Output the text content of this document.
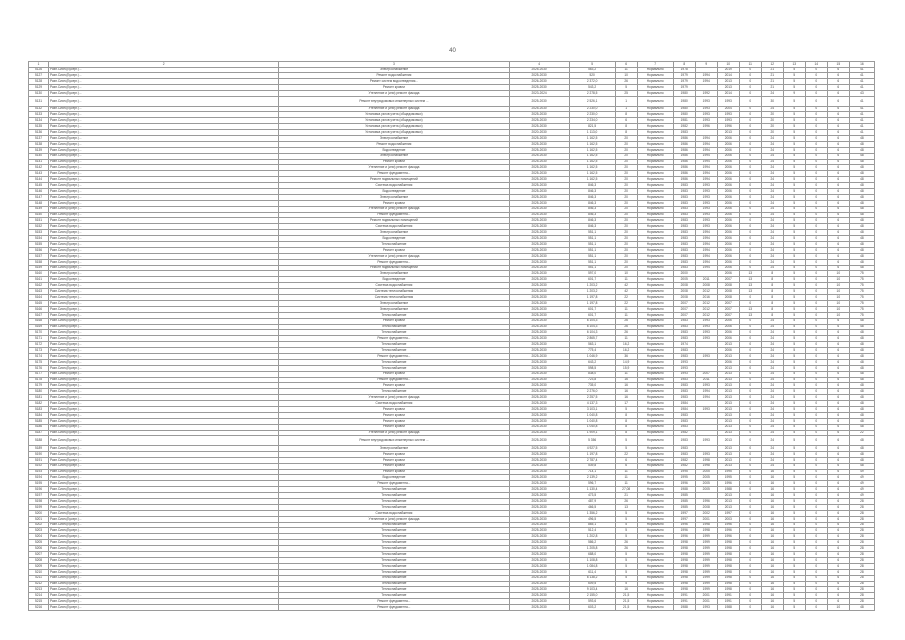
40
1	2	3	4	5	6	7	8	9	10	11	12	13	14	15	16
5126	Разн.Сиян.(Бусерг.)...	Электроснабжение	2025-2030	563,2	11	Нормально	1978		2019	0	21	5	0	6	41
5127	Разн.Сиян.(Бусерг.)...	Ремонт водоснабжения	2025-2030	520	10	Нормально	1979	1994	2014	0	21	5	0	6	41
5128	Разн.Сиян.(Бусерг.)...	Ремонт систем водоотведения...	2026-2030	2 372,0	26	Нормально	1979	1994	2013	0	21	5	0	6	41
5129	Разн.Сиян.(Бусерг.)...	Ремонт кровли	2025-2030	543,2	5	Нормально	1979		2013	0	21	5	0	6	41
5130	Разн.Сиян.(Бусерг.)...	Утепление и (или) ремонт фасада	2023-2024	2 278,5	25	Нормально	1980	1992	2014	0	24	9	0	6	43
5131	Разн.Сиян.(Бусерг.)...	Ремонт внутридомовых инженерных систем ...	2025-2030	2 526,1	1	Нормально	1980	1993	1993	0	30	5	0	6	41
5132	Разн.Сиян.(Бусерг.)...	Утепление и (или) ремонт фасада	2025-2030	2 230,0	1	Нормально	1980	1993	2004	0	24	5	0	6	41
5133	Разн.Сиян.(Бусерг.)...	Установка узлов учета (общедомовых)	2025-2030	2 230,0	8	Нормально	1980	1993	1993	0	20	5	0	6	41
5134	Разн.Сиян.(Бусерг.)...	Установка узлов учета (общедомовых)	2025-2030	2 234,0	6	Нормально	1981	1993	1993	0	20	5	0	6	41
5135	Разн.Сиян.(Бусерг.)...	Установка узлов учета (общедомовых)	2025-2030	821,5	8	Нормально	1982	1996	1996	0	20	5	0	6	41
5136	Разн.Сиян.(Бусерг.)...	Установка узлов учета (общедомовых)	2020-2030	1 113,0	8	Нормально	1983		2013	0	20	5	0	6	41
5137	Разн.Сиян.(Бусерг.)...	Электроснабжение	2025-2030	1 162,5	20	Нормально	1986	1994	2006	0	24	5	0	6	48
5138	Разн.Сиян.(Бусерг.)...	Ремонт водоснабжения	2025-2030	1 162,5	20	Нормально	1986	1994	2006	0	24	5	0	6	48
5139	Разн.Сиян.(Бусерг.)...	Водоотведение	2025-2030	1 162,5	20	Нормально	1986	1994	2006	0	24	5	0	6	48
5140	Разн.Сиян.(Бусерг.)...	Электроснабжение	2025-2030	1 162,5	20	Нормально	1986	1994	2006	0	24	5	0	6	48
5141	Разн.Сиян.(Бусерг.)...	Ремонт кровли	2025-2030	1 162,5	20	Нормально	1986	1994	2006	0	24	5	0	6	48
5142	Разн.Сиян.(Бусерг.)...	Утепление и (или) ремонт фасада	2025-2030	1 162,5	20	Нормально	1986	1994	2006	0	24	5	0	6	48
5143	Разн.Сиян.(Бусерг.)...	Ремонт фундамента...	2025-2030	1 162,5	20	Нормально	1986	1994	2006	0	24	5	0	6	48
5144	Разн.Сиян.(Бусерг.)...	Ремонт подвальных помещений	2025-2030	1 162,5	20	Нормально	1986	1994	2006	0	24	5	0	6	48
5145	Разн.Сиян.(Бусерг.)...	Система водоснабжения	2025-2030	846,3	20	Нормально	1983	1993	2006	0	24	5	0	6	48
5146	Разн.Сиян.(Бусерг.)...	Водоотведение	2025-2030	846,3	20	Нормально	1983	1993	2006	0	24	5	0	6	48
5147	Разн.Сиян.(Бусерг.)...	Электроснабжение	2025-2030	846,3	20	Нормально	1983	1993	2006	0	24	5	0	6	48
5148	Разн.Сиян.(Бусерг.)...	Ремонт кровли	2025-2030	846,3	20	Нормально	1983	1993	2006	0	24	5	0	6	48
5149	Разн.Сиян.(Бусерг.)...	Утепление и (или) ремонт фасада	2025-2030	846,3	20	Нормально	1983	1993	2006	0	24	5	0	6	48
5150	Разн.Сиян.(Бусерг.)...	Ремонт фундамента...	2025-2030	846,3	20	Нормально	1983	1993	2006	0	24	5	0	6	48
5151	Разн.Сиян.(Бусерг.)...	Ремонт подвальных помещений	2025-2030	846,3	20	Нормально	1983	1993	2006	0	24	5	0	6	48
5152	Разн.Сиян.(Бусерг.)...	Система водоснабжения	2025-2030	846,3	20	Нормально	1983	1993	2006	0	24	5	0	6	48
5153	Разн.Сиян.(Бусерг.)...	Электроснабжение	2025-2030	551,1	20	Нормально	1983	1994	2006	0	24	5	0	6	48
5154	Разн.Сиян.(Бусерг.)...	Водоотведение	2025-2030	551,1	20	Нормально	1983	1994	2006	0	24	5	0	6	48
5155	Разн.Сиян.(Бусерг.)...	Теплоснабжение	2025-2030	551,1	20	Нормально	1983	1994	2006	0	24	5	0	6	48
5156	Разн.Сиян.(Бусерг.)...	Ремонт кровли	2025-2030	551,1	20	Нормально	1983	1994	2006	0	24	5	0	6	48
5157	Разн.Сиян.(Бусерг.)...	Утепление и (или) ремонт фасада	2025-2030	551,1	20	Нормально	1983	1994	2006	0	24	5	0	6	48
5158	Разн.Сиян.(Бусерг.)...	Ремонт фундамента...	2025-2030	551,1	20	Нормально	1983	1994	2006	0	24	5	0	6	48
5159	Разн.Сиян.(Бусерг.)...	Ремонт подвальных помещений	2025-2030	551,1	20	Нормально	1983	1994	2006	0	24	5	0	6	48
5160	Разн.Сиян.(Бусерг.)...	Электроснабжение	2025-2030	597,0	10	Нормально	2000		2006	13	8	5	0	10	75
5161	Разн.Сиян.(Бусерг.)...	Водоотведение	2025-2030	601,7	11	Нормально	2005	2011	2007	13	8	5	0	10	75
5162	Разн.Сиян.(Бусерг.)...	Система водоснабжения	2025-2030	1 203,2	42	Нормально	2008	2008	2008	13	8	5	0	10	75
5163	Разн.Сиян.(Бусерг.)...	Система теплоснабжения	2025-2030	1 203,2	42	Нормально	2008	2012	2008	13	8	5	0	10	75
5164	Разн.Сиян.(Бусерг.)...	Система теплоснабжения	2025-2030	1 197,8	22	Нормально	2008	2016	2008	0	8	5	0	10	75
5165	Разн.Сиян.(Бусерг.)...	Электроснабжение	2025-2030	1 197,8	22	Нормально	2007	2012	2007	0	8	5	0	10	75
5166	Разн.Сиян.(Бусерг.)...	Электроснабжение	2025-2030	601,7	11	Нормально	2007	2012	2007	13	8	5	0	10	75
5167	Разн.Сиян.(Бусерг.)...	Теплоснабжение	2025-2030	601,7	11	Нормально	2007	2012	2007	13	8	5	0	10	75
5168	Разн.Сиян.(Бусерг.)...	Ремонт кровли	2025-2030	6 104,3	26	Нормально	1983	1993	2006	0	24	5	0	6	48
5169	Разн.Сиян.(Бусерг.)...	Теплоснабжение	2025-2030	6 104,3	26	Нормально	1983	1993	2006	0	24	5	0	6	48
5170	Разн.Сиян.(Бусерг.)...	Теплоснабжение	2025-2030	6 104,3	26	Нормально	1983	1993	2006	0	24	5	0	6	48
5171	Разн.Сиян.(Бусерг.)...	Ремонт фундамента...	2025-2030	2 865,7	11	Нормально	1983	1993	2006	0	24	5	0	6	48
5172	Разн.Сиян.(Бусерг.)...	Теплоснабжение	2025-2030	563,1	16,2	Нормально	1974		2013	0	24	5	0	6	48
5173	Разн.Сиян.(Бусерг.)...	Теплоснабжение	2025-2030	775,4	16,2	Нормально	1983		2006	0	24	5	0	6	48
5174	Разн.Сиян.(Бусерг.)...	Ремонт фундамента...	2025-2030	1 046,9	36	Нормально	1983	1993	2013	0	24	5	0	6	48
5175	Разн.Сиян.(Бусерг.)...	Теплоснабжение	2025-2030	643,2	14,9	Нормально	1993		2006	0	24	5	0	6	48
5176	Разн.Сиян.(Бусерг.)...	Теплоснабжение	2025-2030	598,5	15,9	Нормально	1993		2013	0	24	5	0	6	48
5177	Разн.Сиян.(Бусерг.)...	Ремонт кровли	2025-2030	838,0	11	Нормально	1993	2007	2013	0	24	5	0	6	48
5178	Разн.Сиян.(Бусерг.)...	Ремонт фундамента...	2025-2030	723,8	16	Нормально	1983	2011	2013	0	24	5	0	6	48
5179	Разн.Сиян.(Бусерг.)...	Ремонт кровли	2025-2030	735,0	16	Нормально	1983	1993	2013	0	24	5	0	6	48
5180	Разн.Сиян.(Бусерг.)...	Теплоснабжение	2025-2030	2 276,0	16	Нормально	1983	1994	2013	0	24	5	0	6	48
5181	Разн.Сиян.(Бусерг.)...	Утепление и (или) ремонт фасада	2025-2030	2 257,5	16	Нормально	1983	1994	2013	0	24	5	0	6	48
5182	Разн.Сиян.(Бусерг.)...	Система водоснабжения	2025-2030	4 137,3	17	Нормально	1984		2013	0	24	5	0	6	48
5183	Разн.Сиян.(Бусерг.)...	Ремонт кровли	2025-2030	3 103,1	5	Нормально	1984	1993	2013	0	24	5	0	6	48
5184	Разн.Сиян.(Бусерг.)...	Ремонт кровли	2025-2030	1 040,8	8	Нормально	1983		2013	0	24	5	0	6	48
5185	Разн.Сиян.(Бусерг.)...	Ремонт кровли	2025-2030	1 040,8	8	Нормально	1983		2013	0	24	5	0	6	48
5186	Разн.Сиян.(Бусерг.)...	Ремонт кровли	2025-2030	1 040,8	8	Нормально	1983		2013	0	24	5	0	6	48
5187	Разн.Сиян.(Бусерг.)...	Утепление и (или) ремонт фасада	2025-2030	1 909,1	8	Нормально	1982		2013	0	24	5	0	6	22
5188	Разн.Сиян.(Бусерг.)...	Ремонт внутридомовых инженерных систем ...	2025-2030	5 356	5	Нормально	1983	1993	2013	0	24	5	0	6	48
5189	Разн.Сиян.(Бусерг.)...	Электроснабжение	2025-2030	4 927,5	5	Нормально	1983		2013	0	24	5	0	6	48
5190	Разн.Сиян.(Бусерг.)...	Ремонт кровли	2025-2030	1 197,8	22	Нормально	1983	1993	2013	0	24	5	0	6	48
5191	Разн.Сиян.(Бусерг.)...	Ремонт кровли	2025-2030	2 787,4	6	Нормально	1982	1998	2013	0	24	5	0	6	48
5192	Разн.Сиян.(Бусерг.)...	Ремонт кровли	2025-2030	539,8	6	Нормально	1982	1998	2013	0	24	5	0	6	48
5193	Разн.Сиян.(Бусерг.)...	Ремонт кровли	2025-2030	714,1	11	Нормально	1995	2005	1995	0	16	5	0	6	49
5194	Разн.Сиян.(Бусерг.)...	Водоотведение	2025-2030	2 139,2	11	Нормально	1995	2005	1995	0	16	5	0	6	49
5195	Разн.Сиян.(Бусерг.)...	Ремонт фундамента...	2025-2030	596,7	11	Нормально	1996	2005	1996	0	16	5	0	6	49
5196	Разн.Сиян.(Бусерг.)...	Теплоснабжение	2025-2030	1 130,4	27,08	Нормально	1988	2005	1988	0	16	5	0	6	49
5197	Разн.Сиян.(Бусерг.)...	Теплоснабжение	2025-2030	473,5	21	Нормально	1985		2013	0	16	5	0	6	49
5198	Разн.Сиян.(Бусерг.)...	Теплоснабжение	2025-2030	487,9	26	Нормально	1985	1996	2013	0	16	5	0	6	28
5199	Разн.Сиян.(Бусерг.)...	Теплоснабжение	2025-2030	466,5	13	Нормально	1985	2008	2013	0	16	5	0	6	28
5200	Разн.Сиян.(Бусерг.)...	Система водоснабжения	2025-2030	1 356,2	5	Нормально	1997	2002	1997	0	16	5	0	6	28
5201	Разн.Сиян.(Бусерг.)...	Утепление и (или) ремонт фасада	2025-2030	496,5	5	Нормально	1997	2001	2003	0	16	5	0	6	28
5202	Разн.Сиян.(Бусерг.)...	Теплоснабжение	2025-2030	865,1	5	Нормально	1996	1998	1996	0	16	5	0	6	28
5203	Разн.Сиян.(Бусерг.)...	Теплоснабжение	2025-2030	512,4	5	Нормально	1996	1998	1996	0	16	5	0	6	28
5204	Разн.Сиян.(Бусерг.)...	Теплоснабжение	2025-2030	1 202,8	5	Нормально	1996	1999	1996	0	16	5	0	6	28
5205	Разн.Сиян.(Бусерг.)...	Теплоснабжение	2025-2030	586,2	26	Нормально	1998	1999	1998	0	16	5	0	6	28
5206	Разн.Сиян.(Бусерг.)...	Теплоснабжение	2025-2030	1 205,8	26	Нормально	1998	1999	1998	0	16	5	0	6	28
5207	Разн.Сиян.(Бусерг.)...	Теплоснабжение	2025-2030	688,0	5	Нормально	1998	1999	1998	0	16	5	0	6	28
5208	Разн.Сиян.(Бусерг.)...	Теплоснабжение	2025-2030	1 108,8	5	Нормально	1998	1999	1998	0	16	5	0	6	28
5209	Разн.Сиян.(Бусерг.)...	Теплоснабжение	2025-2030	1 084,8	5	Нормально	1998	1999	1998	0	16	5	0	6	28
5210	Разн.Сиян.(Бусерг.)...	Теплоснабжение	2025-2030	611,4	5	Нормально	1998	1999	1998	0	16	5	0	6	28
5211	Разн.Сиян.(Бусерг.)...	Теплоснабжение	2025-2030	6 138,2	5	Нормально	1998	1999	1998	0	16	5	0	6	28
5212	Разн.Сиян.(Бусерг.)...	Теплоснабжение	2025-2030	609,5	5	Нормально	1998	1999	1998	0	16	5	0	6	28
5213	Разн.Сиян.(Бусерг.)...	Теплоснабжение	2025-2030	9 103,4	16	Нормально	1998	1999	1998	0	16	5	0	6	28
5214	Разн.Сиян.(Бусерг.)...	Теплоснабжение	2025-2030	2 155,0	21,5	Нормально	1991	2001	1991	0	16	5	0	6	28
5215	Разн.Сиян.(Бусерг.)...	Ремонт фундамента...	2025-2030	593,6	21,5	Нормально	1991	2001	1991	0	16	5	0	6	28
5216	Разн.Сиян.(Бусерг.)...	Ремонт фундамента...	2025-2030	603,2	21,5	Нормально	1988	1993	1988	0	16	5	0	10	48
